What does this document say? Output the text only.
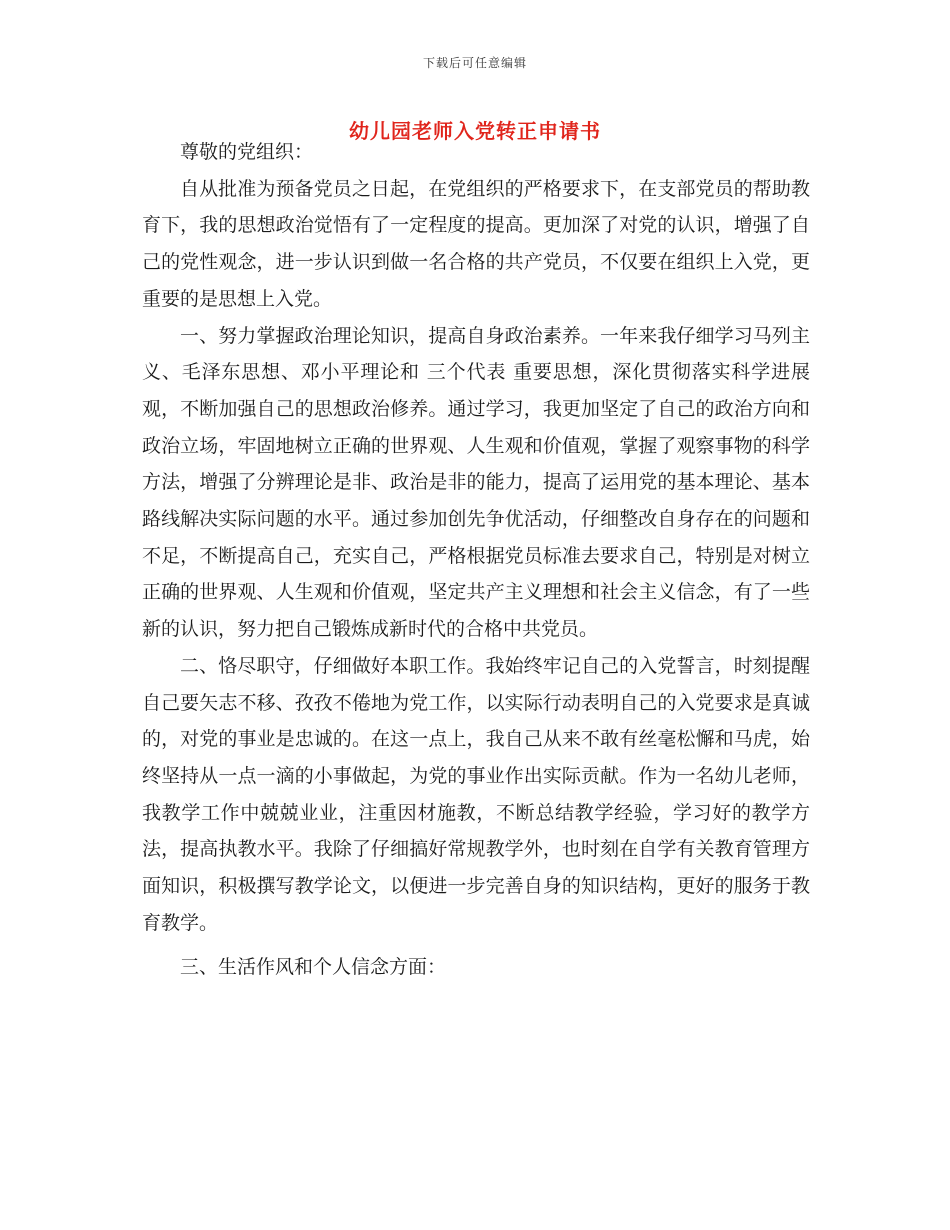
下载后可任意编辑
幼儿园老师入党转正申请书

尊敬的党组织：

自从批准为预备党员之日起，在党组织的严格要求下，在支部党员的帮助教育下，我的思想政治觉悟有了一定程度的提高。更加深了对党的认识，增强了自己的党性观念，进一步认识到做一名合格的共产党员，不仅要在组织上入党，更重要的是思想上入党。

一、努力掌握政治理论知识，提高自身政治素养。一年来我仔细学习马列主义、毛泽东思想、邓小平理论和 三个代表 重要思想，深化贯彻落实科学进展观，不断加强自己的思想政治修养。通过学习，我更加坚定了自己的政治方向和政治立场，牢固地树立正确的世界观、人生观和价值观，掌握了观察事物的科学方法，增强了分辨理论是非、政治是非的能力，提高了运用党的基本理论、基本路线解决实际问题的水平。通过参加创先争优活动，仔细整改自身存在的问题和不足，不断提高自己，充实自己，严格根据党员标准去要求自己，特别是对树立正确的世界观、人生观和价值观，坚定共产主义理想和社会主义信念，有了一些新的认识，努力把自己锻炼成新时代的合格中共党员。

二、恪尽职守，仔细做好本职工作。我始终牢记自己的入党誓言，时刻提醒自己要矢志不移、孜孜不倦地为党工作，以实际行动表明自己的入党要求是真诚的，对党的事业是忠诚的。在这一点上，我自己从来不敢有丝毫松懈和马虎，始终坚持从一点一滴的小事做起，为党的事业作出实际贡献。作为一名幼儿老师，我教学工作中兢兢业业，注重因材施教，不断总结教学经验，学习好的教学方法，提高执教水平。我除了仔细搞好常规教学外，也时刻在自学有关教育管理方面知识，积极撰写教学论文，以便进一步完善自身的知识结构，更好的服务于教育教学。

三、生活作风和个人信念方面：
